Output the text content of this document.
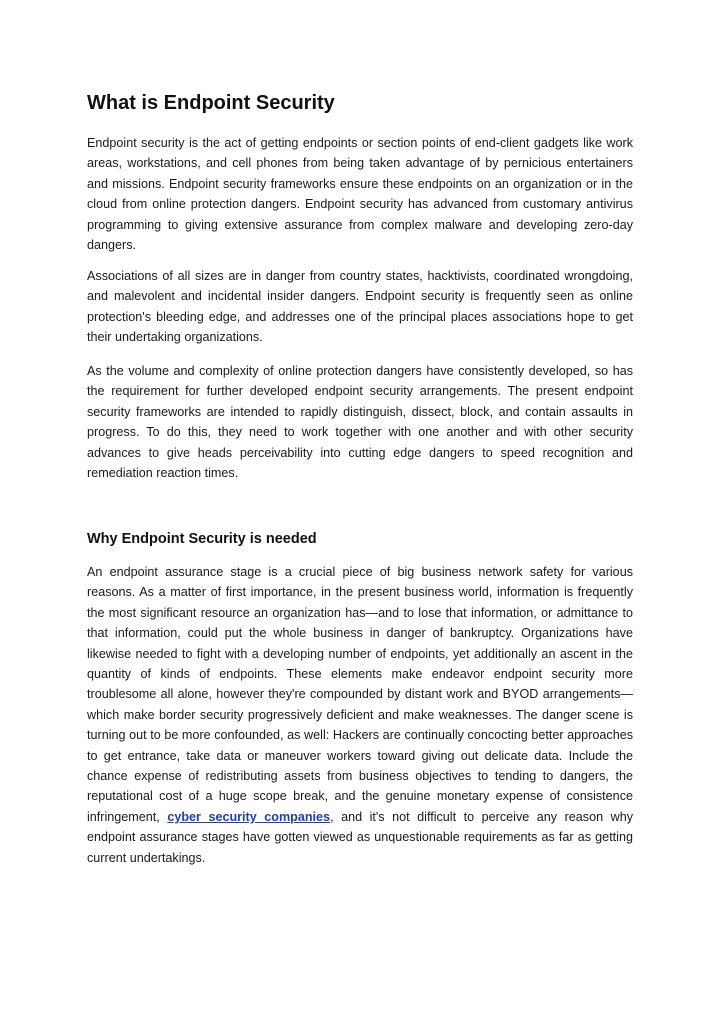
What is Endpoint Security

Endpoint security is the act of getting endpoints or section points of end-client gadgets like work areas, workstations, and cell phones from being taken advantage of by pernicious entertainers and missions. Endpoint security frameworks ensure these endpoints on an organization or in the cloud from online protection dangers. Endpoint security has advanced from customary antivirus programming to giving extensive assurance from complex malware and developing zero-day dangers.

Associations of all sizes are in danger from country states, hacktivists, coordinated wrongdoing, and malevolent and incidental insider dangers. Endpoint security is frequently seen as online protection's bleeding edge, and addresses one of the principal places associations hope to get their undertaking organizations.

As the volume and complexity of online protection dangers have consistently developed, so has the requirement for further developed endpoint security arrangements. The present endpoint security frameworks are intended to rapidly distinguish, dissect, block, and contain assaults in progress. To do this, they need to work together with one another and with other security advances to give heads perceivability into cutting edge dangers to speed recognition and remediation reaction times.

Why Endpoint Security is needed

An endpoint assurance stage is a crucial piece of big business network safety for various reasons. As a matter of first importance, in the present business world, information is frequently the most significant resource an organization has—and to lose that information, or admittance to that information, could put the whole business in danger of bankruptcy. Organizations have likewise needed to fight with a developing number of endpoints, yet additionally an ascent in the quantity of kinds of endpoints. These elements make endeavor endpoint security more troublesome all alone, however they're compounded by distant work and BYOD arrangements—which make border security progressively deficient and make weaknesses. The danger scene is turning out to be more confounded, as well: Hackers are continually concocting better approaches to get entrance, take data or maneuver workers toward giving out delicate data. Include the chance expense of redistributing assets from business objectives to tending to dangers, the reputational cost of a huge scope break, and the genuine monetary expense of consistence infringement, cyber security companies, and it's not difficult to perceive any reason why endpoint assurance stages have gotten viewed as unquestionable requirements as far as getting current undertakings.
